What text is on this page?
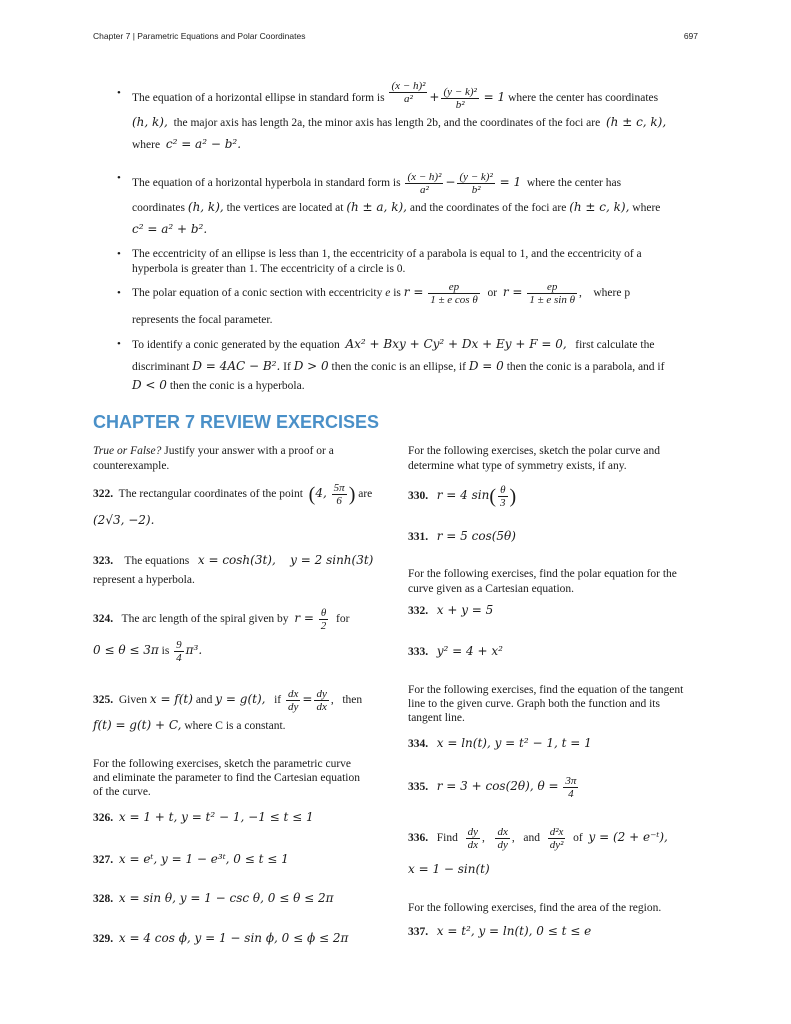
Chapter 7 | Parametric Equations and Polar Coordinates	697
• The equation of a horizontal ellipse in standard form is $\frac{\text{(x − h)²}}{\text{a²}} + \frac{\text{(y − k)²}}{\text{b²}} = 1$ where the center has coordinates
(h, k), the major axis has length 2a, the minor axis has length 2b, and the coordinates of the foci are (h ± c, k),
where c² = a² − b².
• The equation of a horizontal hyperbola in standard form is $\frac{\text{(x − h)²}}{\text{a²}} - \frac{\text{(y − k)²}}{\text{b²}} = 1$ where the center has
coordinates (h, k), the vertices are located at (h ± a, k), and the coordinates of the foci are (h ± c, k), where
c² = a² + b².
• The eccentricity of an ellipse is less than 1, the eccentricity of a parabola is equal to 1, and the eccentricity of a
hyperbola is greater than 1. The eccentricity of a circle is 0.
• The polar equation of a conic section with eccentricity e is $r = \frac{ep}{\text{1 ± e cos θ}}$ or $r = \frac{ep}{\text{1 ± e sin θ}}$ , where p
represents the focal parameter.
• To identify a conic generated by the equation Ax² + Bxy + Cy² + Dx + Ey + F = 0, first calculate the
discriminant D = 4AC − B². If D > 0 then the conic is an ellipse, if D = 0 then the conic is a parabola, and if
D < 0 then the conic is a hyperbola.
CHAPTER 7 REVIEW EXERCISES
True or False? Justify your answer with a proof or a
counterexample.
322. The rectangular coordinates of the point (4, $\frac{5\pi}{6}$ ) are
(2√3, −2).
323. The equations x = cosh(3t), y = 2 sinh(3t)
represent a hyperbola.
324. The arc length of the spiral given by $r = \frac{\theta}{2}$ for
0 ≤ θ ≤ 3π is $\frac{9}{4} \pi^3$.
325. Given x = f(t) and y = g(t), if $\frac{dx}{dy} = \frac{dy}{dx}$ , then
f(t) = g(t) + C, where C is a constant.
For the following exercises, sketch the parametric curve
and eliminate the parameter to find the Cartesian equation
of the curve.
326. x = 1 + t, y = t² − 1, −1 ≤ t ≤ 1
327. x = eᵗ, y = 1 − e³ᵗ, 0 ≤ t ≤ 1
328. x = sin θ, y = 1 − csc θ, 0 ≤ θ ≤ 2π
329. x = 4 cos ϕ, y = 1 − sin ϕ, 0 ≤ ϕ ≤ 2π
For the following exercises, sketch the polar curve and
determine what type of symmetry exists, if any.
330. r = 4 $\sin( \frac{\theta}{3}$ )
331. r = 5 cos(5θ)
For the following exercises, find the polar equation for the
curve given as a Cartesian equation.
332. x + y = 5
333. y² = 4 + x²
For the following exercises, find the equation of the tangent
line to the given curve. Graph both the function and its
tangent line.
334. x = ln(t), y = t² − 1, t = 1
335. r = 3 + cos(2θ), $\theta = \frac{3\pi}{4}$
336. Find $\frac{dy}{dx}$ , $\frac{dx}{dy}$ ,   and $\frac{\text{d²x}}{\text{dy²}}$ of y = (2 + e⁻ᵗ),
x = 1 − sin(t)
For the following exercises, find the area of the region.
337. x = t², y = ln(t), 0 ≤ t ≤ e
